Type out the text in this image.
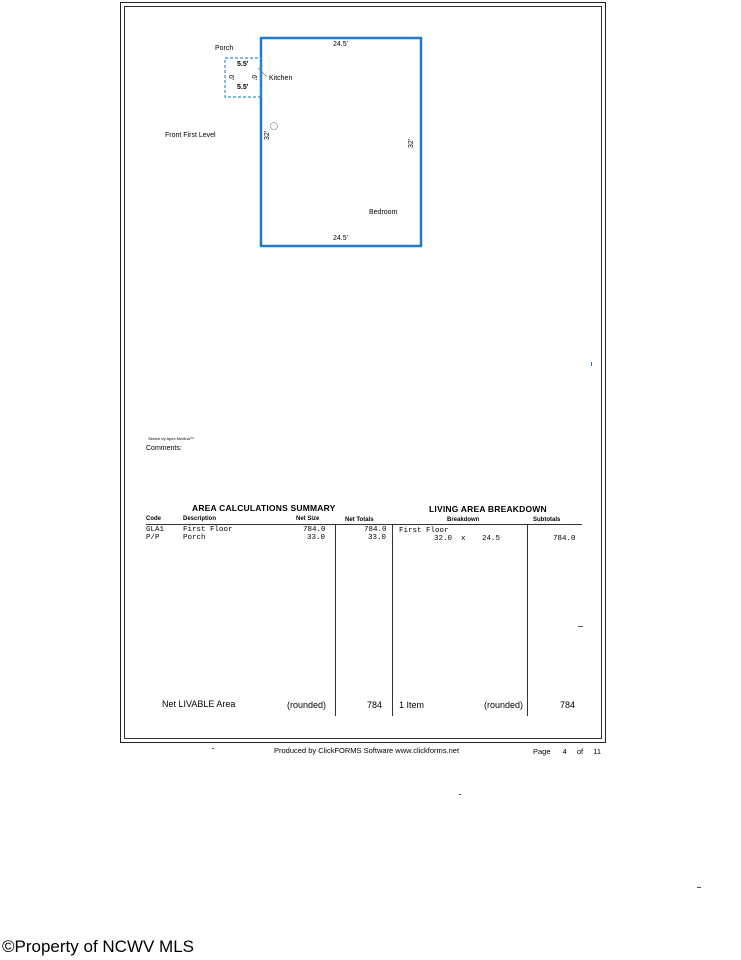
Porch
24.5'
5.5'
6' 6' Kitchen
5.5'
Front First Level	32'
32'
Bedroom
24.5'
Sketch by Apex Medina™
Comments:
AREA CALCULATIONS SUMMARY	LIVING AREA BREAKDOWN
Code	Description	Net Size	Net Totals	Breakdown	Subtotals
GLA1	First Floor	784.0	784.0
P/P	Porch	33.0	33.0
First Floor
32.0 x 24.5	784.0
Net LIVABLE Area	(rounded)	784 1 Item	(rounded)	784
Produced by ClickFORMS Software www.clickforms.net	Page 4 of 11
©Property of NCWV MLS
